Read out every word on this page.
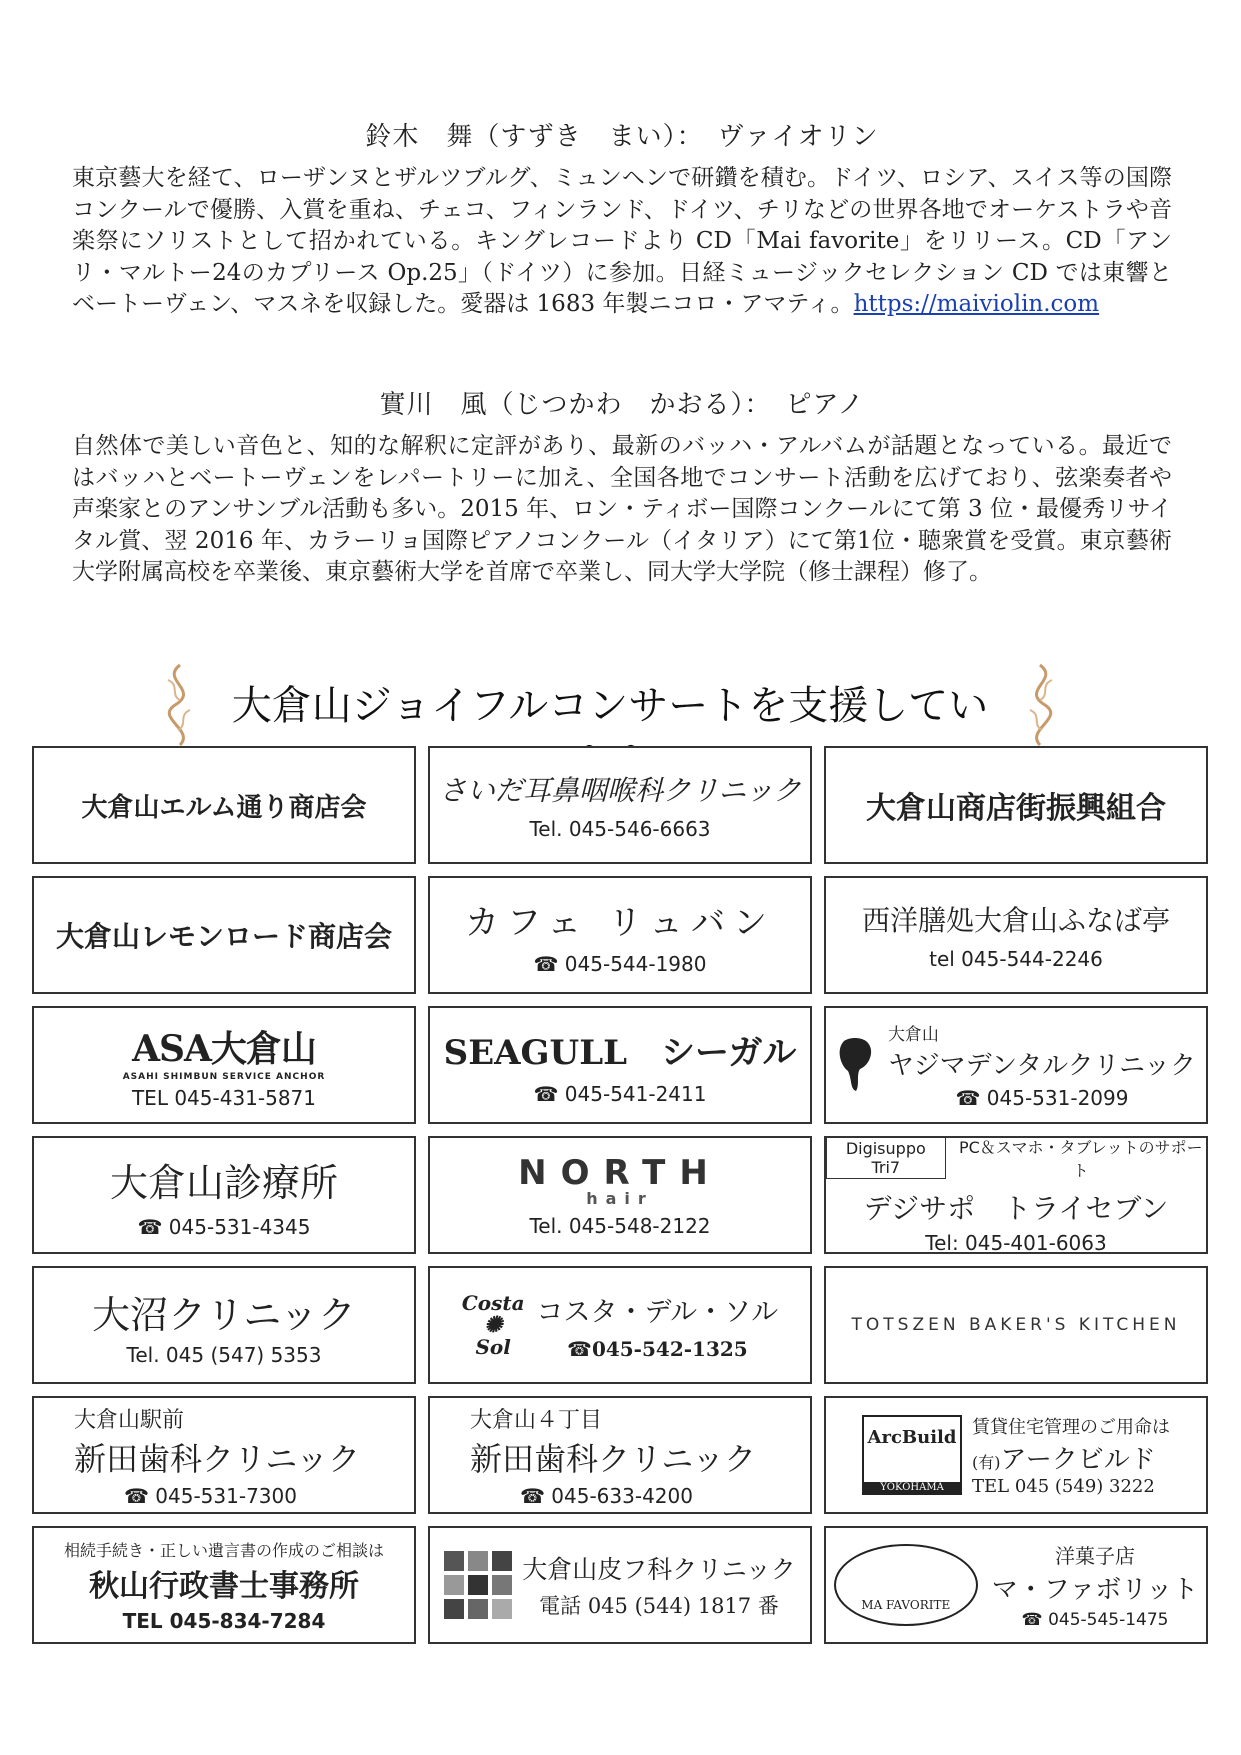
鈴木　舞（すずき　まい）：　ヴァイオリン

東京藝大を経て、ローザンヌとザルツブルグ、ミュンヘンで研鑽を積む。ドイツ、ロシア、スイス等の国際コンクールで優勝、入賞を重ね、チェコ、フィンランド、ドイツ、チリなどの世界各地でオーケストラや音楽祭にソリストとして招かれている。キングレコードより CD「Mai favorite」をリリース。CD「アンリ・マルトー24のカプリース Op.25」（ドイツ）に参加。日経ミュージックセレクション CD では東響とベートーヴェン、マスネを収録した。愛器は 1683 年製ニコロ・アマティ。https://maiviolin.com

實川　風（じつかわ　かおる）：　ピアノ

自然体で美しい音色と、知的な解釈に定評があり、最新のバッハ・アルバムが話題となっている。最近ではバッハとベートーヴェンをレパートリーに加え、全国各地でコンサート活動を広げており、弦楽奏者や声楽家とのアンサンブル活動も多い。2015 年、ロン・ティボー国際コンクールにて第 3 位・最優秀リサイタル賞、翌 2016 年、カラーリョ国際ピアノコンクール（イタリア）にて第1位・聴衆賞を受賞。東京藝術大学附属高校を卒業後、東京藝術大学を首席で卒業し、同大学大学院（修士課程）修了。

大倉山ジョイフルコンサートを支援してい
大倉山エルム通り商店会
さいだ耳鼻咽喉科クリニック
Tel. 045-546-6663
大倉山商店街振興組合
大倉山レモンロード商店会 カフェ リュバン
☎ 045-544-1980
西洋膳処大倉山ふなば亭
tel 045-544-2246
ASA大倉山
ASAHI SHIMBUN SERVICE ANCHOR
TEL 045-431-5871
SEAGULL　シーガル
☎ 045-541-2411
大倉山
ヤジマデンタルクリニック
☎ 045-531-2099
大倉山診療所
☎ 045-531-4345
NORTH
hair
Tel. 045-548-2122
Digisuppo Tri7
PC＆スマホ・タブレットのサポート
デジサポ　トライセブン
Tel: 045-401-6063
大沼クリニック
Tel. 045 (547) 5353
Costa
✺
Sol
コスタ・デル・ソル
☎045-542-1325
TOTSZEN BAKER'S KITCHEN
大倉山駅前
新田歯科クリニック
☎ 045-531-7300
大倉山４丁目
新田歯科クリニック
☎ 045-633-4200
ArcBuild
YOKOHAMA
賃貸住宅管理のご用命は
(有)アークビルド
TEL 045 (549) 3222
相続手続き・正しい遺言書の作成のご相談は
秋山行政書士事務所
TEL 045-834-7284
大倉山皮フ科クリニック
電話 045 (544) 1817 番	MA FAVORITE
洋菓子店
マ・ファボリット
☎ 045-545-1475
